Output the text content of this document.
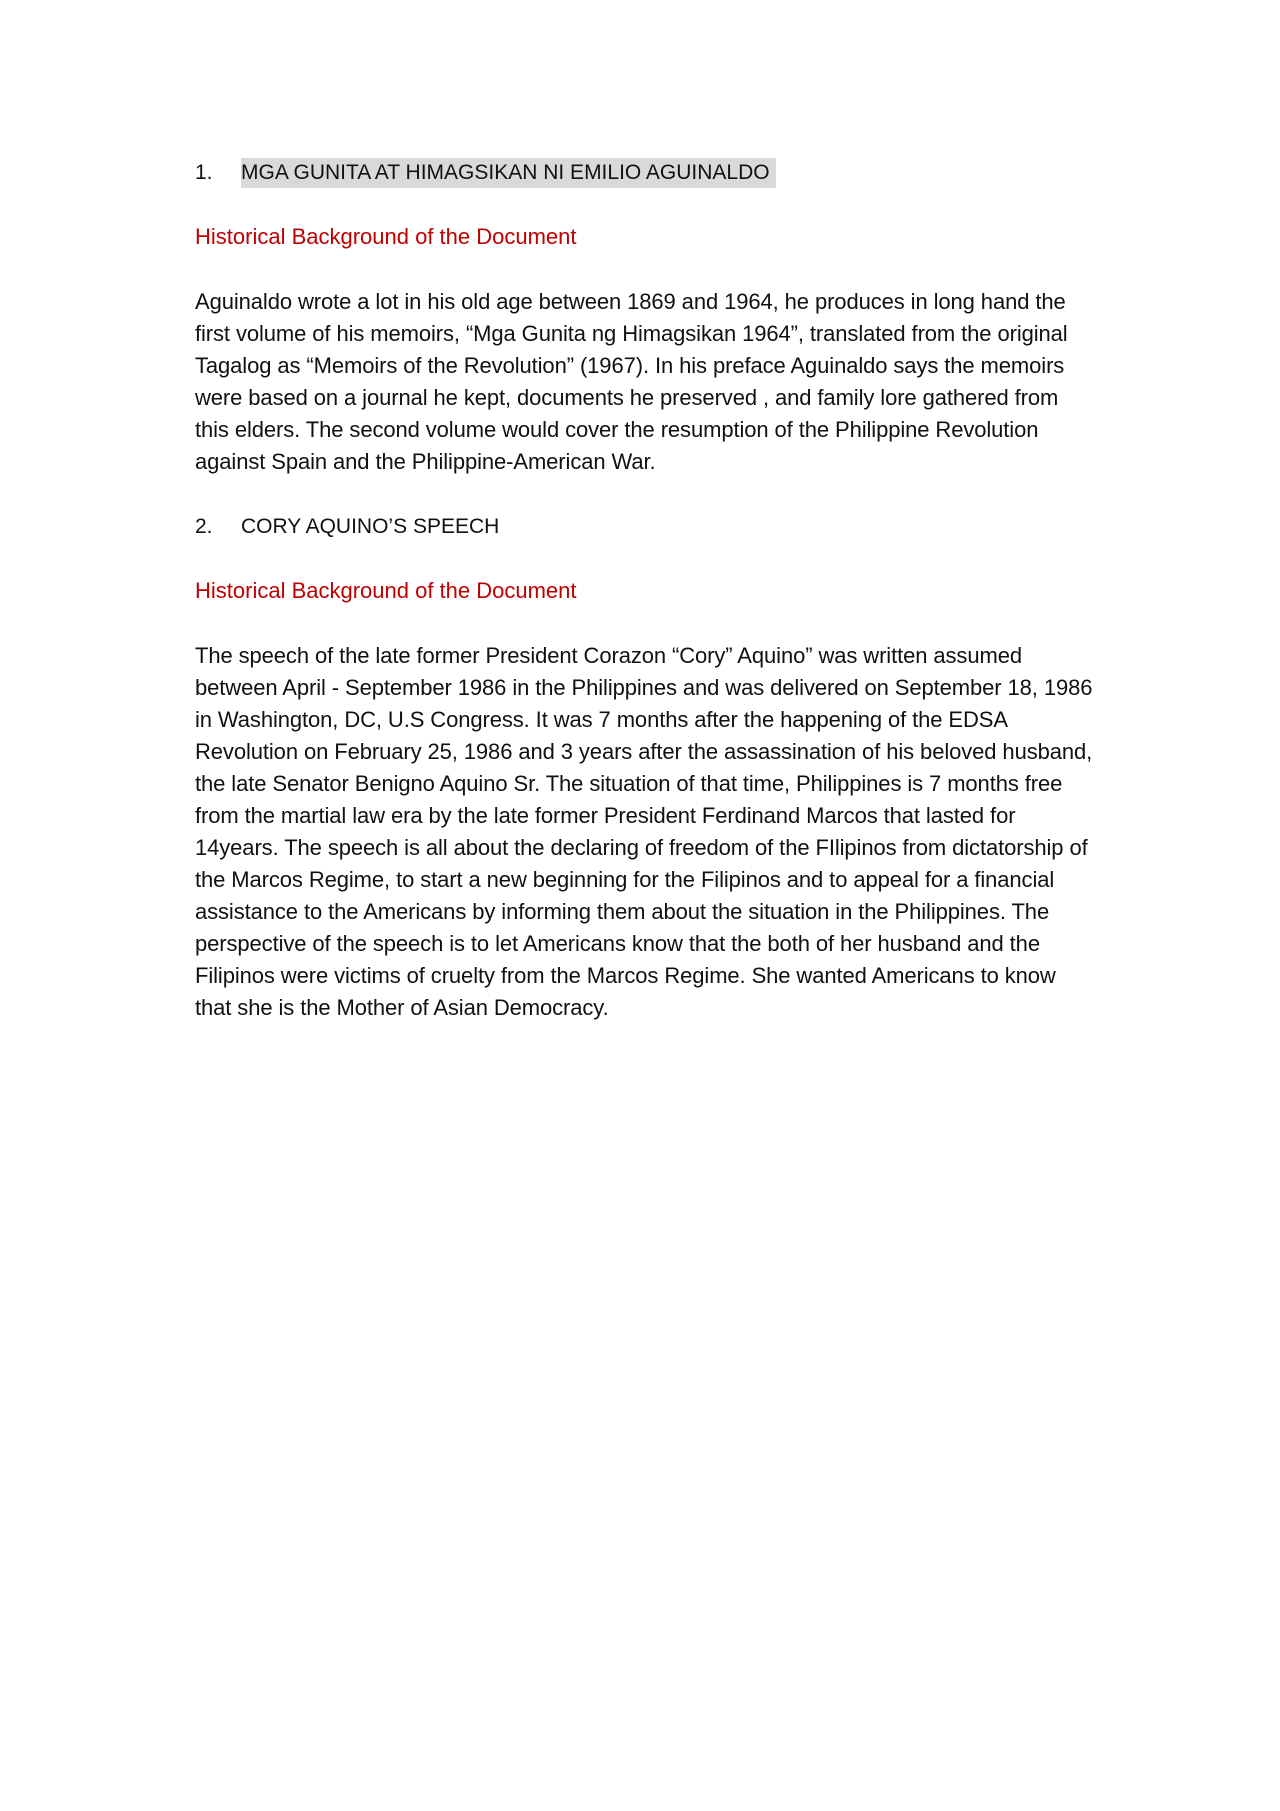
1.	MGA GUNITA AT HIMAGSIKAN NI EMILIO AGUINALDO
Historical Background of the Document

Aguinaldo wrote a lot in his old age between 1869 and 1964, he produces in long hand the first volume of his memoirs, “Mga Gunita ng Himagsikan 1964”, translated from the original Tagalog as “Memoirs of the Revolution” (1967). In his preface Aguinaldo says the memoirs were based on a journal he kept, documents he preserved , and family lore gathered from this elders. The second volume would cover the resumption of the Philippine Revolution against Spain and the Philippine-American War.

2.	CORY AQUINO’S SPEECH
Historical Background of the Document

The speech of the late former President Corazon “Cory” Aquino” was written assumed between April - September 1986 in the Philippines and was delivered on September 18, 1986 in Washington, DC, U.S Congress. It was 7 months after the happening of the EDSA Revolution on February 25, 1986 and 3 years after the assassination of his beloved husband, the late Senator Benigno Aquino Sr. The situation of that time, Philippines is 7 months free from the martial law era by the late former President Ferdinand Marcos that lasted for 14years. The speech is all about the declaring of freedom of the FIlipinos from dictatorship of the Marcos Regime, to start a new beginning for the Filipinos and to appeal for a financial assistance to the Americans by informing them about the situation in the Philippines. The perspective of the speech is to let Americans know that the both of her husband and the Filipinos were victims of cruelty from the Marcos Regime. She wanted Americans to know that she is the Mother of Asian Democracy.
